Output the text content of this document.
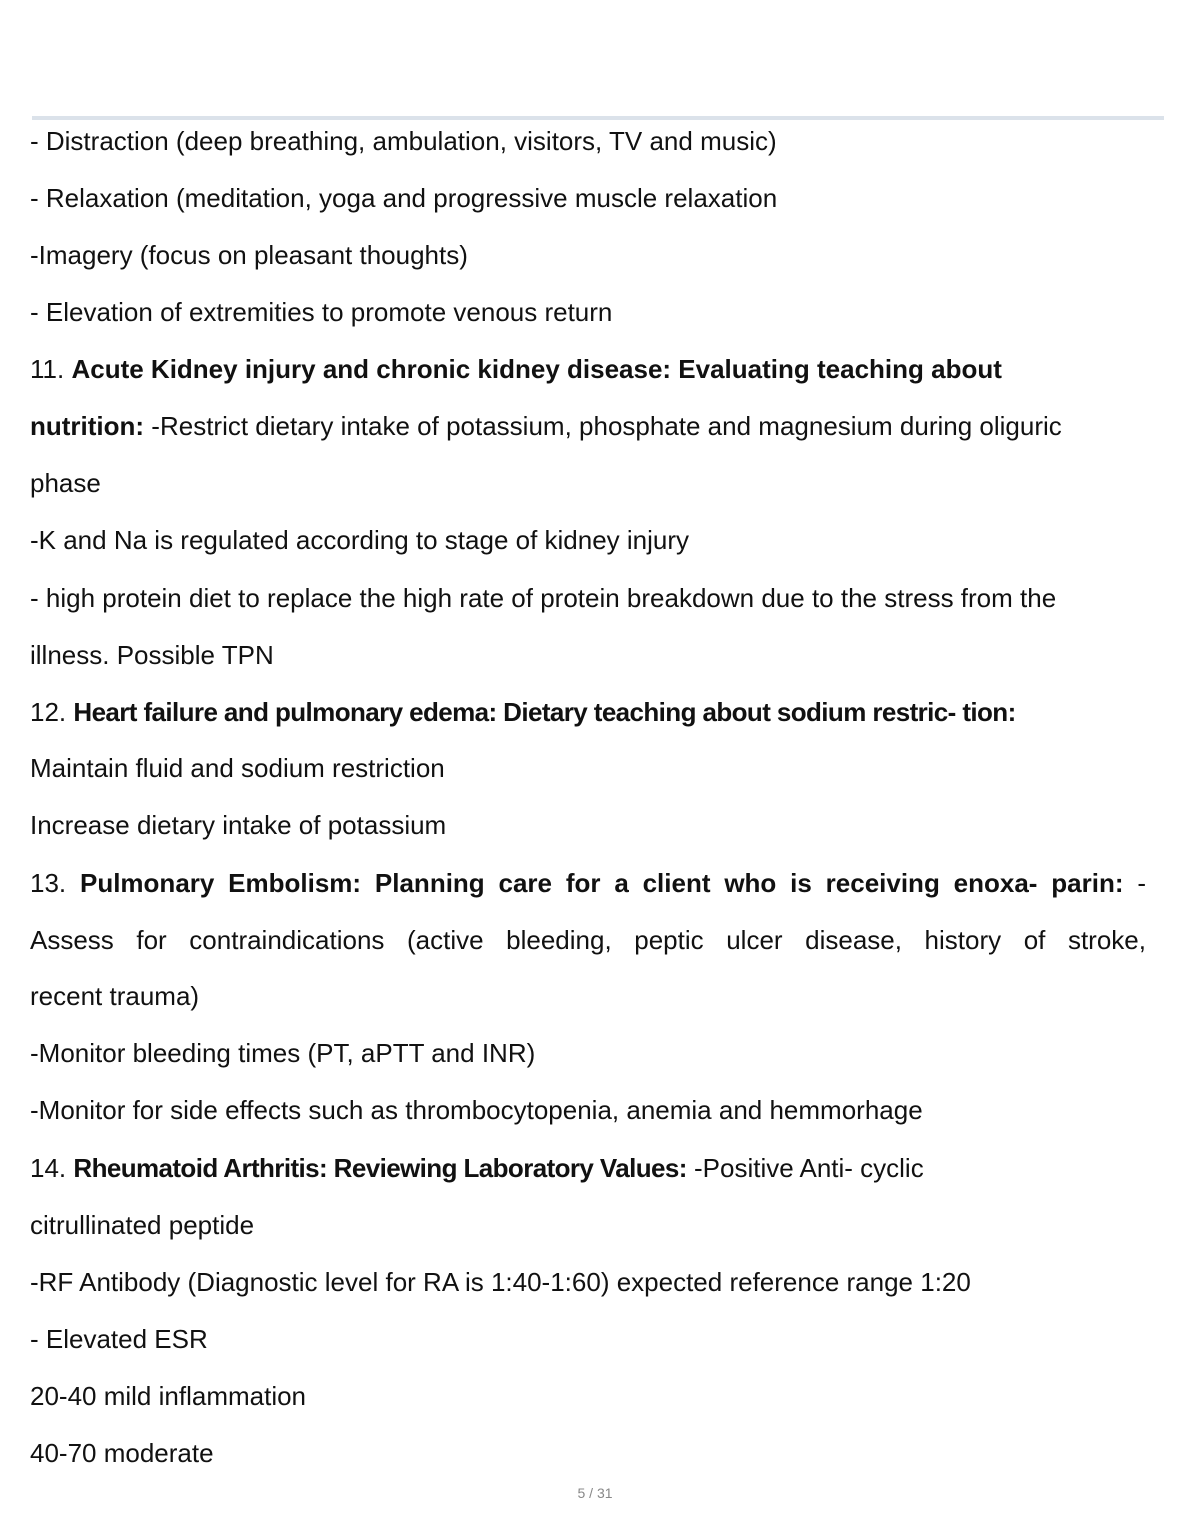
- Distraction (deep breathing, ambulation, visitors, TV and music)
- Relaxation (meditation, yoga and progressive muscle relaxation
-Imagery (focus on pleasant thoughts)
- Elevation of extremities to promote venous return
11. Acute Kidney injury and chronic kidney disease: Evaluating teaching about
nutrition: -Restrict dietary intake of potassium, phosphate and magnesium during oliguric
phase
-K and Na is regulated according to stage of kidney injury
- high protein diet to replace the high rate of protein breakdown due to the stress from the
illness. Possible TPN
12. Heart failure and pulmonary edema: Dietary teaching about sodium restric- tion:
Maintain fluid and sodium restriction
Increase dietary intake of potassium
13. Pulmonary Embolism: Planning care for a client who is receiving enoxa- parin: -
Assess for contraindications (active bleeding, peptic ulcer disease, history of stroke,
recent trauma)
-Monitor bleeding times (PT, aPTT and INR)
-Monitor for side effects such as thrombocytopenia, anemia and hemmorhage
14. Rheumatoid Arthritis: Reviewing Laboratory Values: -Positive Anti- cyclic
citrullinated peptide
-RF Antibody (Diagnostic level for RA is 1:40-1:60) expected reference range 1:20
- Elevated ESR
20-40 mild inflammation
40-70 moderate
5 / 31
